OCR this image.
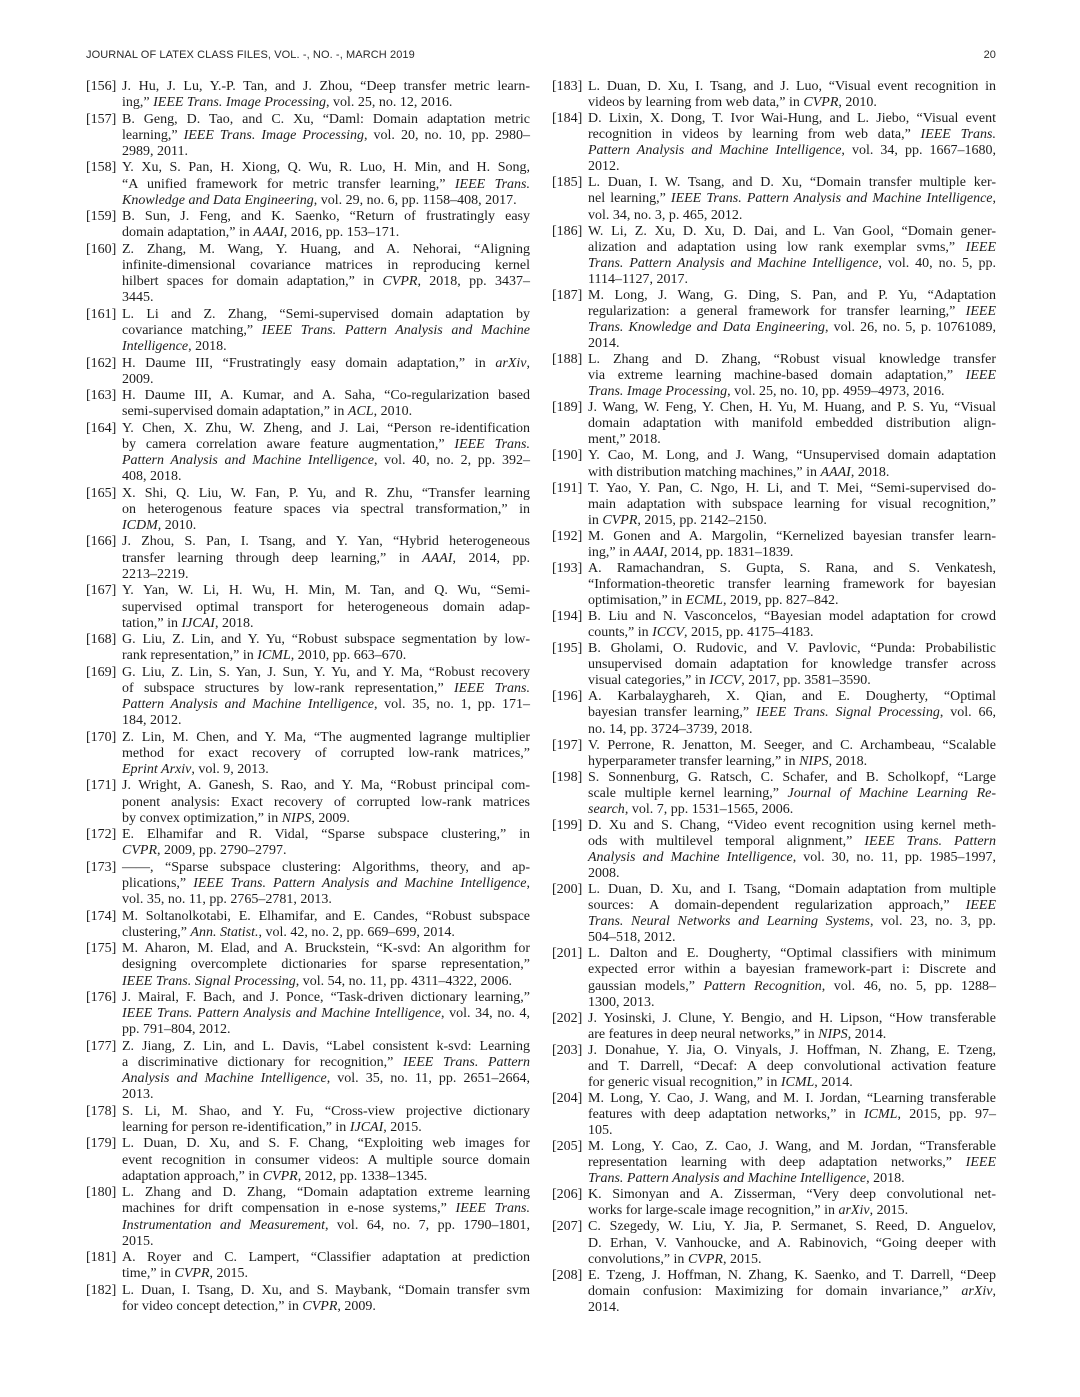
JOURNAL OF LATEX CLASS FILES, VOL. -, NO. -, MARCH 2019	20
[156] J. Hu, J. Lu, Y.-P. Tan, and J. Zhou, “Deep transfer metric learn-
ing,” IEEE Trans. Image Processing, vol. 25, no. 12, 2016.
[157] B. Geng, D. Tao, and C. Xu, “Daml: Domain adaptation metric
learning,” IEEE Trans. Image Processing, vol. 20, no. 10, pp. 2980–
2989, 2011.
[158] Y. Xu, S. Pan, H. Xiong, Q. Wu, R. Luo, H. Min, and H. Song,
“A unified framework for metric transfer learning,” IEEE Trans.
Knowledge and Data Engineering, vol. 29, no. 6, pp. 1158–408, 2017.
[159] B. Sun, J. Feng, and K. Saenko, “Return of frustratingly easy
domain adaptation,” in AAAI, 2016, pp. 153–171.
[160] Z. Zhang, M. Wang, Y. Huang, and A. Nehorai, “Aligning
infinite-dimensional covariance matrices in reproducing kernel
hilbert spaces for domain adaptation,” in CVPR, 2018, pp. 3437–
3445.
[161] L. Li and Z. Zhang, “Semi-supervised domain adaptation by
covariance matching,” IEEE Trans. Pattern Analysis and Machine
Intelligence, 2018.
[162] H. Daume III, “Frustratingly easy domain adaptation,” in arXiv,
2009.
[163] H. Daume III, A. Kumar, and A. Saha, “Co-regularization based
semi-supervised domain adaptation,” in ACL, 2010.
[164] Y. Chen, X. Zhu, W. Zheng, and J. Lai, “Person re-identification
by camera correlation aware feature augmentation,” IEEE Trans.
Pattern Analysis and Machine Intelligence, vol. 40, no. 2, pp. 392–
408, 2018.
[165] X. Shi, Q. Liu, W. Fan, P. Yu, and R. Zhu, “Transfer learning
on heterogenous feature spaces via spectral transformation,” in
ICDM, 2010.
[166] J. Zhou, S. Pan, I. Tsang, and Y. Yan, “Hybrid heterogeneous
transfer learning through deep learning,” in AAAI, 2014, pp.
2213–2219.
[167] Y. Yan, W. Li, H. Wu, H. Min, M. Tan, and Q. Wu, “Semi-
supervised optimal transport for heterogeneous domain adap-
tation,” in IJCAI, 2018.
[168] G. Liu, Z. Lin, and Y. Yu, “Robust subspace segmentation by low-
rank representation,” in ICML, 2010, pp. 663–670.
[169] G. Liu, Z. Lin, S. Yan, J. Sun, Y. Yu, and Y. Ma, “Robust recovery
of subspace structures by low-rank representation,” IEEE Trans.
Pattern Analysis and Machine Intelligence, vol. 35, no. 1, pp. 171–
184, 2012.
[170] Z. Lin, M. Chen, and Y. Ma, “The augmented lagrange multiplier
method for exact recovery of corrupted low-rank matrices,”
Eprint Arxiv, vol. 9, 2013.
[171] J. Wright, A. Ganesh, S. Rao, and Y. Ma, “Robust principal com-
ponent analysis: Exact recovery of corrupted low-rank matrices
by convex optimization,” in NIPS, 2009.
[172] E. Elhamifar and R. Vidal, “Sparse subspace clustering,” in
CVPR, 2009, pp. 2790–2797.
[173] ——, “Sparse subspace clustering: Algorithms, theory, and ap-
plications,” IEEE Trans. Pattern Analysis and Machine Intelligence,
vol. 35, no. 11, pp. 2765–2781, 2013.
[174] M. Soltanolkotabi, E. Elhamifar, and E. Candes, “Robust subspace
clustering,” Ann. Statist., vol. 42, no. 2, pp. 669–699, 2014.
[175] M. Aharon, M. Elad, and A. Bruckstein, “K-svd: An algorithm for
designing overcomplete dictionaries for sparse representation,”
IEEE Trans. Signal Processing, vol. 54, no. 11, pp. 4311–4322, 2006.
[176] J. Mairal, F. Bach, and J. Ponce, “Task-driven dictionary learning,”
IEEE Trans. Pattern Analysis and Machine Intelligence, vol. 34, no. 4,
pp. 791–804, 2012.
[177] Z. Jiang, Z. Lin, and L. Davis, “Label consistent k-svd: Learning
a discriminative dictionary for recognition,” IEEE Trans. Pattern
Analysis and Machine Intelligence, vol. 35, no. 11, pp. 2651–2664,
2013.
[178] S. Li, M. Shao, and Y. Fu, “Cross-view projective dictionary
learning for person re-identification,” in IJCAI, 2015.
[179] L. Duan, D. Xu, and S. F. Chang, “Exploiting web images for
event recognition in consumer videos: A multiple source domain
adaptation approach,” in CVPR, 2012, pp. 1338–1345.
[180] L. Zhang and D. Zhang, “Domain adaptation extreme learning
machines for drift compensation in e-nose systems,” IEEE Trans.
Instrumentation and Measurement, vol. 64, no. 7, pp. 1790–1801,
2015.
[181] A. Royer and C. Lampert, “Classifier adaptation at prediction
time,” in CVPR, 2015.
[182] L. Duan, I. Tsang, D. Xu, and S. Maybank, “Domain transfer svm
for video concept detection,” in CVPR, 2009.
[183] L. Duan, D. Xu, I. Tsang, and J. Luo, “Visual event recognition in
videos by learning from web data,” in CVPR, 2010.
[184] D. Lixin, X. Dong, T. Ivor Wai-Hung, and L. Jiebo, “Visual event
recognition in videos by learning from web data,” IEEE Trans.
Pattern Analysis and Machine Intelligence, vol. 34, pp. 1667–1680,
2012.
[185] L. Duan, I. W. Tsang, and D. Xu, “Domain transfer multiple ker-
nel learning,” IEEE Trans. Pattern Analysis and Machine Intelligence,
vol. 34, no. 3, p. 465, 2012.
[186] W. Li, Z. Xu, D. Xu, D. Dai, and L. Van Gool, “Domain gener-
alization and adaptation using low rank exemplar svms,” IEEE
Trans. Pattern Analysis and Machine Intelligence, vol. 40, no. 5, pp.
1114–1127, 2017.
[187] M. Long, J. Wang, G. Ding, S. Pan, and P. Yu, “Adaptation
regularization: a general framework for transfer learning,” IEEE
Trans. Knowledge and Data Engineering, vol. 26, no. 5, p. 10761089,
2014.
[188] L. Zhang and D. Zhang, “Robust visual knowledge transfer
via extreme learning machine-based domain adaptation,” IEEE
Trans. Image Processing, vol. 25, no. 10, pp. 4959–4973, 2016.
[189] J. Wang, W. Feng, Y. Chen, H. Yu, M. Huang, and P. S. Yu, “Visual
domain adaptation with manifold embedded distribution align-
ment,” 2018.
[190] Y. Cao, M. Long, and J. Wang, “Unsupervised domain adaptation
with distribution matching machines,” in AAAI, 2018.
[191] T. Yao, Y. Pan, C. Ngo, H. Li, and T. Mei, “Semi-supervised do-
main adaptation with subspace learning for visual recognition,”
in CVPR, 2015, pp. 2142–2150.
[192] M. Gonen and A. Margolin, “Kernelized bayesian transfer learn-
ing,” in AAAI, 2014, pp. 1831–1839.
[193] A. Ramachandran, S. Gupta, S. Rana, and S. Venkatesh,
“Information-theoretic transfer learning framework for bayesian
optimisation,” in ECML, 2019, pp. 827–842.
[194] B. Liu and N. Vasconcelos, “Bayesian model adaptation for crowd
counts,” in ICCV, 2015, pp. 4175–4183.
[195] B. Gholami, O. Rudovic, and V. Pavlovic, “Punda: Probabilistic
unsupervised domain adaptation for knowledge transfer across
visual categories,” in ICCV, 2017, pp. 3581–3590.
[196] A. Karbalayghareh, X. Qian, and E. Dougherty, “Optimal
bayesian transfer learning,” IEEE Trans. Signal Processing, vol. 66,
no. 14, pp. 3724–3739, 2018.
[197] V. Perrone, R. Jenatton, M. Seeger, and C. Archambeau, “Scalable
hyperparameter transfer learning,” in NIPS, 2018.
[198] S. Sonnenburg, G. Ratsch, C. Schafer, and B. Scholkopf, “Large
scale multiple kernel learning,” Journal of Machine Learning Re-
search, vol. 7, pp. 1531–1565, 2006.
[199] D. Xu and S. Chang, “Video event recognition using kernel meth-
ods with multilevel temporal alignment,” IEEE Trans. Pattern
Analysis and Machine Intelligence, vol. 30, no. 11, pp. 1985–1997,
2008.
[200] L. Duan, D. Xu, and I. Tsang, “Domain adaptation from multiple
sources: A domain-dependent regularization approach,” IEEE
Trans. Neural Networks and Learning Systems, vol. 23, no. 3, pp.
504–518, 2012.
[201] L. Dalton and E. Dougherty, “Optimal classifiers with minimum
expected error within a bayesian framework-part i: Discrete and
gaussian models,” Pattern Recognition, vol. 46, no. 5, pp. 1288–
1300, 2013.
[202] J. Yosinski, J. Clune, Y. Bengio, and H. Lipson, “How transferable
are features in deep neural networks,” in NIPS, 2014.
[203] J. Donahue, Y. Jia, O. Vinyals, J. Hoffman, N. Zhang, E. Tzeng,
and T. Darrell, “Decaf: A deep convolutional activation feature
for generic visual recognition,” in ICML, 2014.
[204] M. Long, Y. Cao, J. Wang, and M. I. Jordan, “Learning transferable
features with deep adaptation networks,” in ICML, 2015, pp. 97–
105.
[205] M. Long, Y. Cao, Z. Cao, J. Wang, and M. Jordan, “Transferable
representation learning with deep adaptation networks,” IEEE
Trans. Pattern Analysis and Machine Intelligence, 2018.
[206] K. Simonyan and A. Zisserman, “Very deep convolutional net-
works for large-scale image recognition,” in arXiv, 2015.
[207] C. Szegedy, W. Liu, Y. Jia, P. Sermanet, S. Reed, D. Anguelov,
D. Erhan, V. Vanhoucke, and A. Rabinovich, “Going deeper with
convolutions,” in CVPR, 2015.
[208] E. Tzeng, J. Hoffman, N. Zhang, K. Saenko, and T. Darrell, “Deep
domain confusion: Maximizing for domain invariance,” arXiv,
2014.
